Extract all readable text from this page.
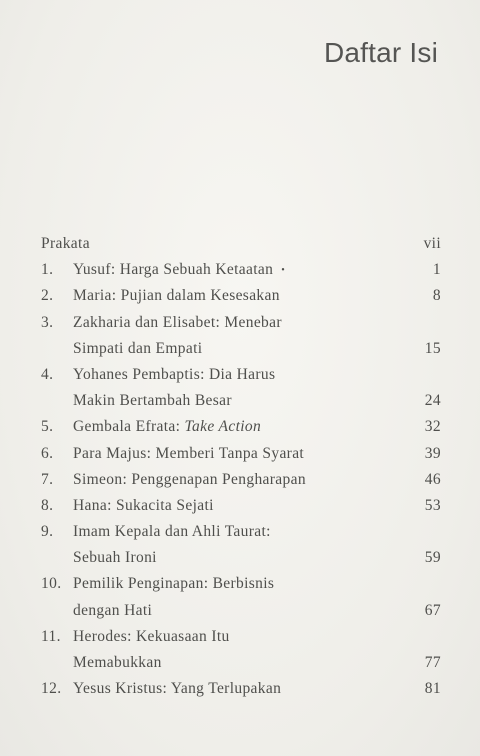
Daftar Isi
Prakata	vii
1. Yusuf: Harga Sebuah Ketaatan •	1
2. Maria: Pujian dalam Kesesakan	8
3. Zakharia dan Elisabet: Menebar
Simpati dan Empati	15
4. Yohanes Pembaptis: Dia Harus
Makin Bertambah Besar	24
5. Gembala Efrata: Take Action	32
6. Para Majus: Memberi Tanpa Syarat	39
7. Simeon: Penggenapan Pengharapan	46
8. Hana: Sukacita Sejati	53
9. Imam Kepala dan Ahli Taurat:
Sebuah Ironi	59
10. Pemilik Penginapan: Berbisnis
dengan Hati	67
11. Herodes: Kekuasaan Itu
Memabukkan	77
12. Yesus Kristus: Yang Terlupakan	81
